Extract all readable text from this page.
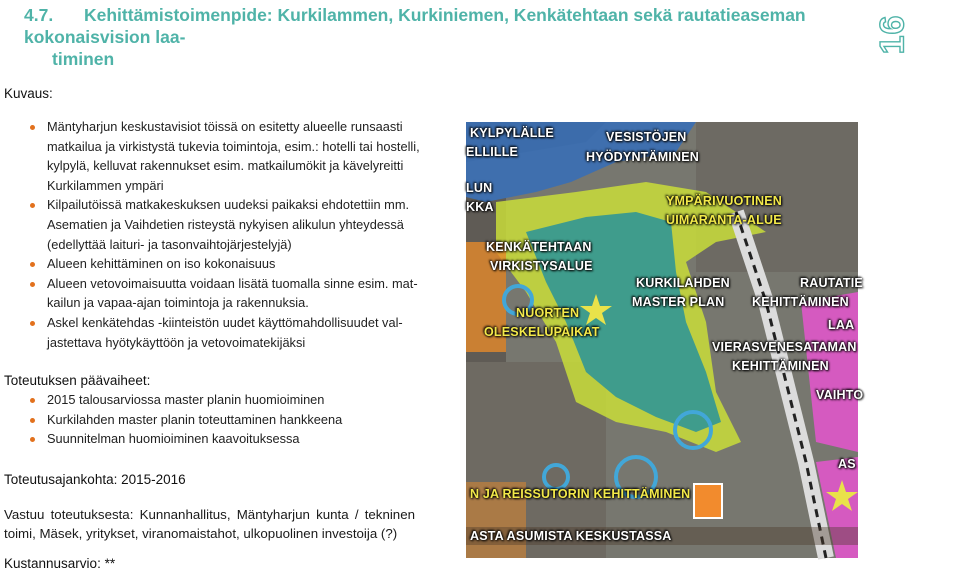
4.7. Kehittämistoimenpide: Kurkilammen, Kurkiniemen, Kenkätehtaan sekä rautatieaseman kokonaisvision laa-
timinen
16
Kuvaus:
Mäntyharjun keskustavisiot töissä on esitetty alueelle runsaasti matkailua ja virkistystä tukevia toimintoja, esim.: hotelli tai hostelli, kylpylä, kelluvat rakennukset esim. matkailumökit ja kävelyreitti Kurkilammen ympäri
Kilpailutöissä matkakeskuksen uudeksi paikaksi ehdotettiin mm. Asematien ja Vaihdetien risteystä nykyisen alikulun yhteydessä (edellyttää laituri- ja tasonvaihtojärjestelyjä)
Alueen kehittäminen on iso kokonaisuus
Alueen vetovoimaisuutta voidaan lisätä tuomalla sinne esim. matkailun ja vapaa-ajan toimintoja ja rakennuksia.
Askel kenkätehdas -kiinteistön uudet käyttömahdollisuudet valjastettava hyötykäyttöön ja vetovoimatekijäksi
Toteutuksen päävaiheet:
2015 talousarviossa master planin huomioiminen
Kurkilahden master planin toteuttaminen hankkeena
Suunnitelman huomioiminen kaavoituksessa
Toteutusajankohta: 2015-2016
Vastuu toteutuksesta: Kunnanhallitus, Mäntyharjun kunta / tekninen toimi, Mäsek, yritykset, viranomaistahot, ulkopuolinen investoija (?)
Kustannusarvio: **
KYLPYLÄLLE
ELLILLE
LUN
KKA
VESISTÖJEN
HYÖDYNTÄMINEN
YMPÄRIVUOTINEN
UIMARANTA-ALUE
KENKÄTEHTAAN
VIRKISTYSALUE
KURKILAHDEN
MASTER PLAN
RAUTATIE
KEHITTÄMINEN
NUORTEN
OLESKELUPAIKAT	LAA
VIERASVENESATAMAN
KEHITTÄMINEN
VAIHTO
AS
N JA REISSUTORIN KEHITTÄMINEN
ASTA ASUMISTA KESKUSTASSA
